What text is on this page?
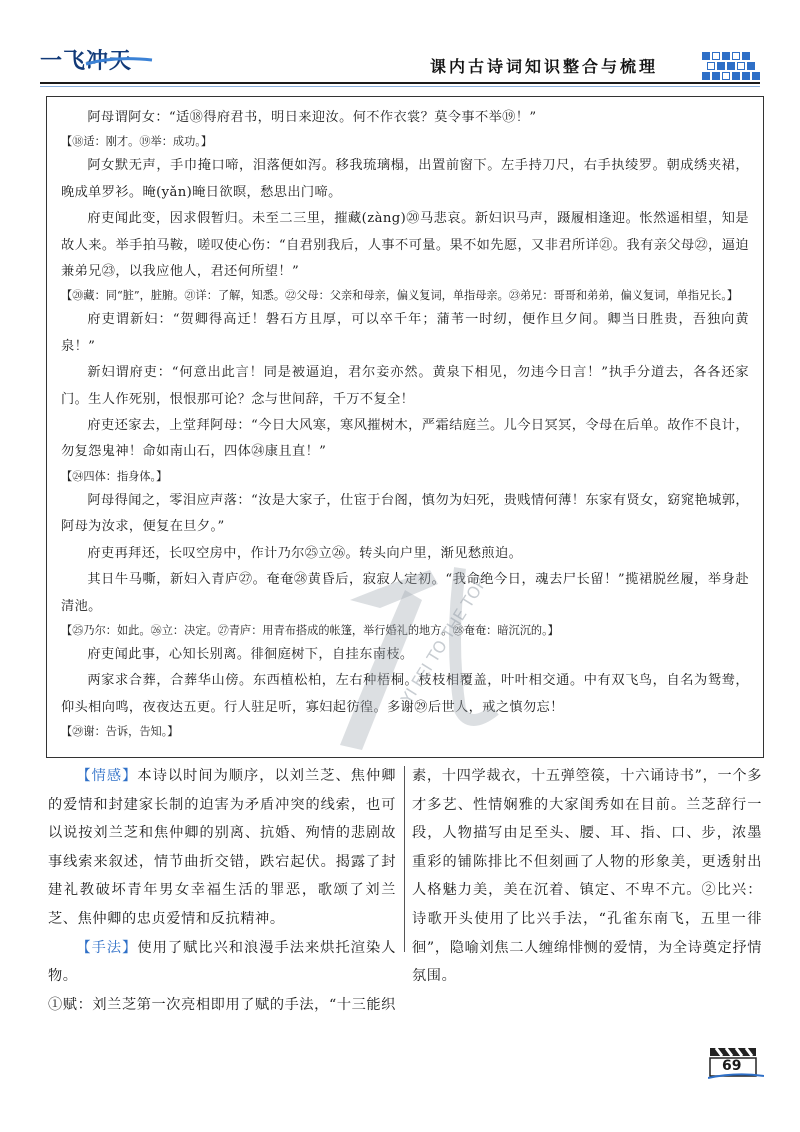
一飞冲天	课内古诗词知识整合与梳理

阿母谓阿女：“适⑱得府君书，明日来迎汝。何不作衣裳？莫令事不举⑲！”

【⑱适：刚才。⑲举：成功。】

阿女默无声，手巾掩口啼，泪落便如泻。移我琉璃榻，出置前窗下。左手持刀尺，右手执绫罗。朝成绣夹裙，晚成单罗衫。晻(yǎn)晻日欲暝，愁思出门啼。

府吏闻此变，因求假暂归。未至二三里，摧藏(zàng)⑳马悲哀。新妇识马声，蹑履相逢迎。怅然遥相望，知是故人来。举手拍马鞍，嗟叹使心伤：“自君别我后，人事不可量。果不如先愿，又非君所详㉑。我有亲父母㉒，逼迫兼弟兄㉓，以我应他人，君还何所望！”

【⑳藏：同“脏”，脏腑。㉑详：了解，知悉。㉒父母：父亲和母亲，偏义复词，单指母亲。㉓弟兄：哥哥和弟弟，偏义复词，单指兄长。】

府吏谓新妇：“贺卿得高迁！磐石方且厚，可以卒千年；蒲苇一时纫，便作旦夕间。卿当日胜贵，吾独向黄泉！”

新妇谓府吏：“何意出此言！同是被逼迫，君尔妾亦然。黄泉下相见，勿违今日言！”执手分道去，各各还家门。生人作死别，恨恨那可论？念与世间辞，千万不复全！

府吏还家去，上堂拜阿母：“今日大风寒，寒风摧树木，严霜结庭兰。儿今日冥冥，令母在后单。故作不良计，勿复怨鬼神！命如南山石，四体㉔康且直！”

【㉔四体：指身体。】

阿母得闻之，零泪应声落：“汝是大家子，仕宦于台阁，慎勿为妇死，贵贱情何薄！东家有贤女，窈窕艳城郭，阿母为汝求，便复在旦夕。”

府吏再拜还，长叹空房中，作计乃尔㉕立㉖。转头向户里，渐见愁煎迫。

其日牛马嘶，新妇入青庐㉗。奄奄㉘黄昏后，寂寂人定初。“我命绝今日，魂去尸长留！”揽裙脱丝履，举身赴清池。

【㉕乃尔：如此。㉖立：决定。㉗青庐：用青布搭成的帐篷，举行婚礼的地方。㉘奄奄：暗沉沉的。】

府吏闻此事，心知长别离。徘徊庭树下，自挂东南枝。

两家求合葬，合葬华山傍。东西植松柏，左右种梧桐。枝枝相覆盖，叶叶相交通。中有双飞鸟，自名为鸳鸯，仰头相向鸣，夜夜达五更。行人驻足听，寡妇起彷徨。多谢㉙后世人，戒之慎勿忘！

【㉙谢：告诉，告知。】

YI FEI TO THE TOP

【情感】本诗以时间为顺序，以刘兰芝、焦仲卿的爱情和封建家长制的迫害为矛盾冲突的线索，也可以说按刘兰芝和焦仲卿的别离、抗婚、殉情的悲剧故事线索来叙述，情节曲折交错，跌宕起伏。揭露了封建礼教破坏青年男女幸福生活的罪恶，歌颂了刘兰芝、焦仲卿的忠贞爱情和反抗精神。

【手法】使用了赋比兴和浪漫手法来烘托渲染人物。

①赋：刘兰芝第一次亮相即用了赋的手法，“十三能织

素，十四学裁衣，十五弹箜篌，十六诵诗书”，一个多才多艺、性情娴雅的大家闺秀如在目前。兰芝辞行一段，人物描写由足至头、腰、耳、指、口、步，浓墨重彩的铺陈排比不但刻画了人物的形象美，更透射出人格魅力美，美在沉着、镇定、不卑不亢。②比兴：诗歌开头使用了比兴手法，“孔雀东南飞，五里一徘徊”，隐喻刘焦二人缠绵悱恻的爱情，为全诗奠定抒情氛围。

69
